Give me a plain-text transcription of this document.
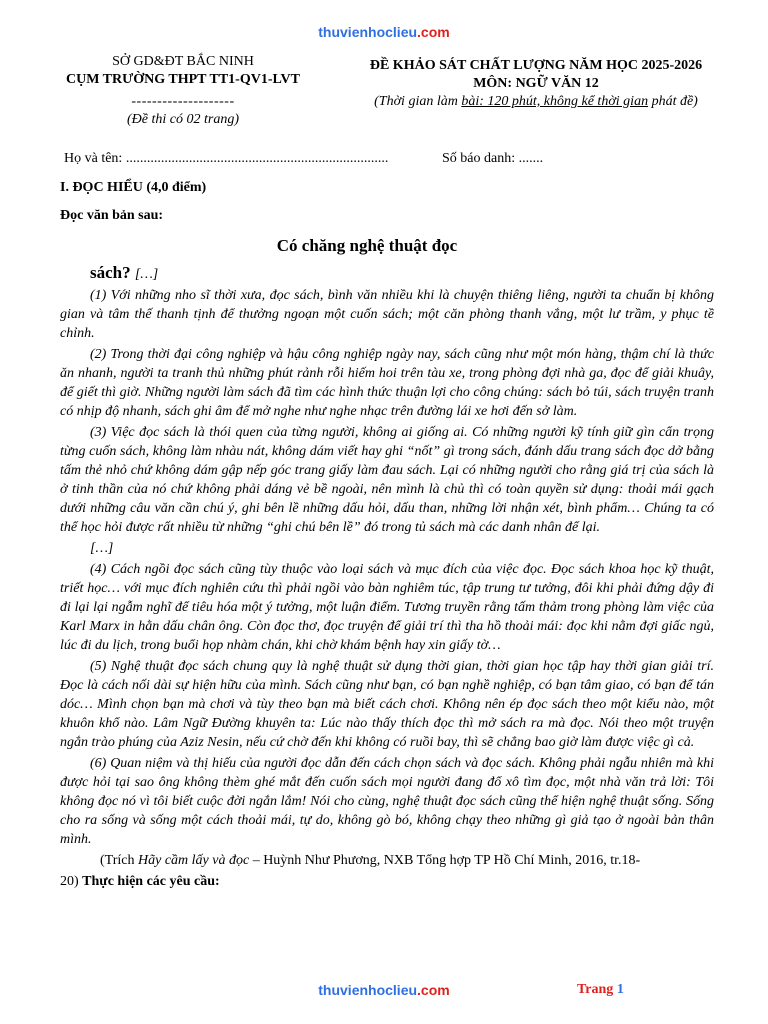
thuvienhoclieu.com
SỞ GD&ĐT BẮC NINH
CỤM TRƯỜNG THPT TT1-QV1-LVT
--------------------
(Đề thi có 02 trang)
ĐỀ KHẢO SÁT CHẤT LƯỢNG NĂM HỌC 2025-2026
MÔN: NGỮ VĂN 12
(Thời gian làm bài: 120 phút, không kể thời gian phát đề)
Họ và tên: ...........................................................................	Số báo danh: .......
I. ĐỌC HIỂU (4,0 điểm)
Đọc văn bản sau:
Có chăng nghệ thuật đọc
sách? […]

(1) Với những nho sĩ thời xưa, đọc sách, bình văn nhiều khi là chuyện thiêng liêng, người ta chuẩn bị không gian và tâm thế thanh tịnh để thưởng ngoạn một cuốn sách; một căn phòng thanh vắng, một lư trầm, y phục tề chỉnh.

(2) Trong thời đại công nghiệp và hậu công nghiệp ngày nay, sách cũng như một món hàng, thậm chí là thức ăn nhanh, người ta tranh thủ những phút rảnh rỗi hiếm hoi trên tàu xe, trong phòng đợi nhà ga, đọc để giải khuây, để giết thì giờ. Những người làm sách đã tìm các hình thức thuận lợi cho công chúng: sách bỏ túi, sách truyện tranh có nhịp độ nhanh, sách ghi âm để mở nghe như nghe nhạc trên đường lái xe hơi đến sở làm.

(3) Việc đọc sách là thói quen của từng người, không ai giống ai. Có những người kỹ tính giữ gìn cẩn trọng từng cuốn sách, không làm nhàu nát, không dám viết hay ghi “nốt” gì trong sách, đánh dấu trang sách đọc dở bằng tấm thẻ nhỏ chứ không dám gập nếp góc trang giấy làm đau sách. Lại có những người cho rằng giá trị của sách là ở tinh thần của nó chứ không phải dáng vẻ bề ngoài, nên mình là chủ thì có toàn quyền sử dụng: thoải mái gạch dưới những câu văn cần chú ý, ghi bên lề những dấu hỏi, dấu than, những lời nhận xét, bình phẩm… Chúng ta có thể học hỏi được rất nhiều từ những “ghi chú bên lề” đó trong tủ sách mà các danh nhân để lại.

[…]

(4) Cách ngồi đọc sách cũng tùy thuộc vào loại sách và mục đích của việc đọc. Đọc sách khoa học kỹ thuật, triết học… với mục đích nghiên cứu thì phải ngồi vào bàn nghiêm túc, tập trung tư tưởng, đôi khi phải đứng dậy đi đi lại lại ngẫm nghĩ để tiêu hóa một ý tưởng, một luận điểm. Tương truyền rằng tấm thảm trong phòng làm việc của Karl Marx in hằn dấu chân ông. Còn đọc thơ, đọc truyện để giải trí thì tha hồ thoải mái: đọc khi nằm đợi giấc ngủ, lúc đi du lịch, trong buổi họp nhàm chán, khi chờ khám bệnh hay xin giấy tờ…

(5) Nghệ thuật đọc sách chung quy là nghệ thuật sử dụng thời gian, thời gian học tập hay thời gian giải trí. Đọc là cách nối dài sự hiện hữu của mình. Sách cũng như bạn, có bạn nghề nghiệp, có bạn tâm giao, có bạn để tán dóc… Mình chọn bạn mà chơi và tùy theo bạn mà biết cách chơi. Không nên ép đọc sách theo một kiểu nào, một khuôn khổ nào. Lâm Ngữ Đường khuyên ta: Lúc nào thấy thích đọc thì mở sách ra mà đọc. Nói theo một truyện ngắn trào phúng của Aziz Nesin, nếu cứ chờ đến khi không có ruồi bay, thì sẽ chẳng bao giờ làm được việc gì cả.

(6) Quan niệm và thị hiếu của người đọc dẫn đến cách chọn sách và đọc sách. Không phải ngẫu nhiên mà khi được hỏi tại sao ông không thèm ghé mắt đến cuốn sách mọi người đang đổ xô tìm đọc, một nhà văn trả lời: Tôi không đọc nó vì tôi biết cuộc đời ngắn lắm! Nói cho cùng, nghệ thuật đọc sách cũng thể hiện nghệ thuật sống. Sống cho ra sống và sống một cách thoải mái, tự do, không gò bó, không chạy theo những gì giả tạo ở ngoài bản thân mình.

(Trích Hãy cầm lấy và đọc – Huỳnh Như Phương, NXB Tổng hợp TP Hồ Chí Minh, 2016, tr.18-

20) Thực hiện các yêu cầu:

thuvienhoclieu.com	Trang 1
